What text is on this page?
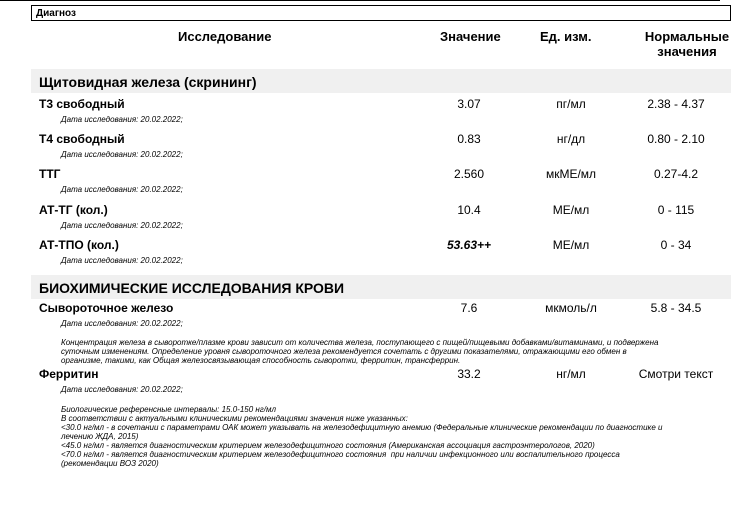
Диагноз
Исследование	Значение	Ед. изм.	Нормальные
значения
Щитовидная железа (скрининг)
Т3 свободный
Дата исследования: 20.02.2022;
3.07	пг/мл	2.38 - 4.37
Т4 свободный
Дата исследования: 20.02.2022;
0.83	нг/дл	0.80 - 2.10
ТТГ
Дата исследования: 20.02.2022;
2.560	мкМЕ/мл	0.27-4.2
АТ-ТГ (кол.)
Дата исследования: 20.02.2022;
10.4	МЕ/мл	0 - 115
АТ-ТПО (кол.)
Дата исследования: 20.02.2022;
53.63++	МЕ/мл	0 - 34
БИОХИМИЧЕСКИЕ ИССЛЕДОВАНИЯ КРОВИ
Сывороточное железо
Дата исследования: 20.02.2022;
7.6	мкмоль/л	5.8 - 34.5
Концентрация железа в сыворотке/плазме крови зависит от количества железа, поступающего с пищей/пищевыми добавками/витаминами, и подвержена
суточным изменениям. Определение уровня сывороточного железа рекомендуется сочетать с другими показателями, отражающими его обмен в
организме, такими, как Общая железосвязывающая способность сыворотки, ферритин, трансферрин.
Ферритин
Дата исследования: 20.02.2022;
33.2	нг/мл	Смотри текст
Биологические референсные интервалы: 15.0-150 нг/мл
В соответствии с актуальными клиническими рекомендациями значения ниже указанных:
<30.0 нг/мл - в сочетании с параметрами ОАК может указывать на железодефицитную анемию (Федеральные клинические рекомендации по диагностике и
лечению ЖДА, 2015)
<45.0 нг/мл - является диагностическим критерием железодефицитного состояния (Американская ассоциация гастроэнтерологов, 2020)
<70.0 нг/мл - является диагностическим критерием железодефицитного состояния  при наличии инфекционного или воспалительного процесса
(рекомендации ВОЗ 2020)
